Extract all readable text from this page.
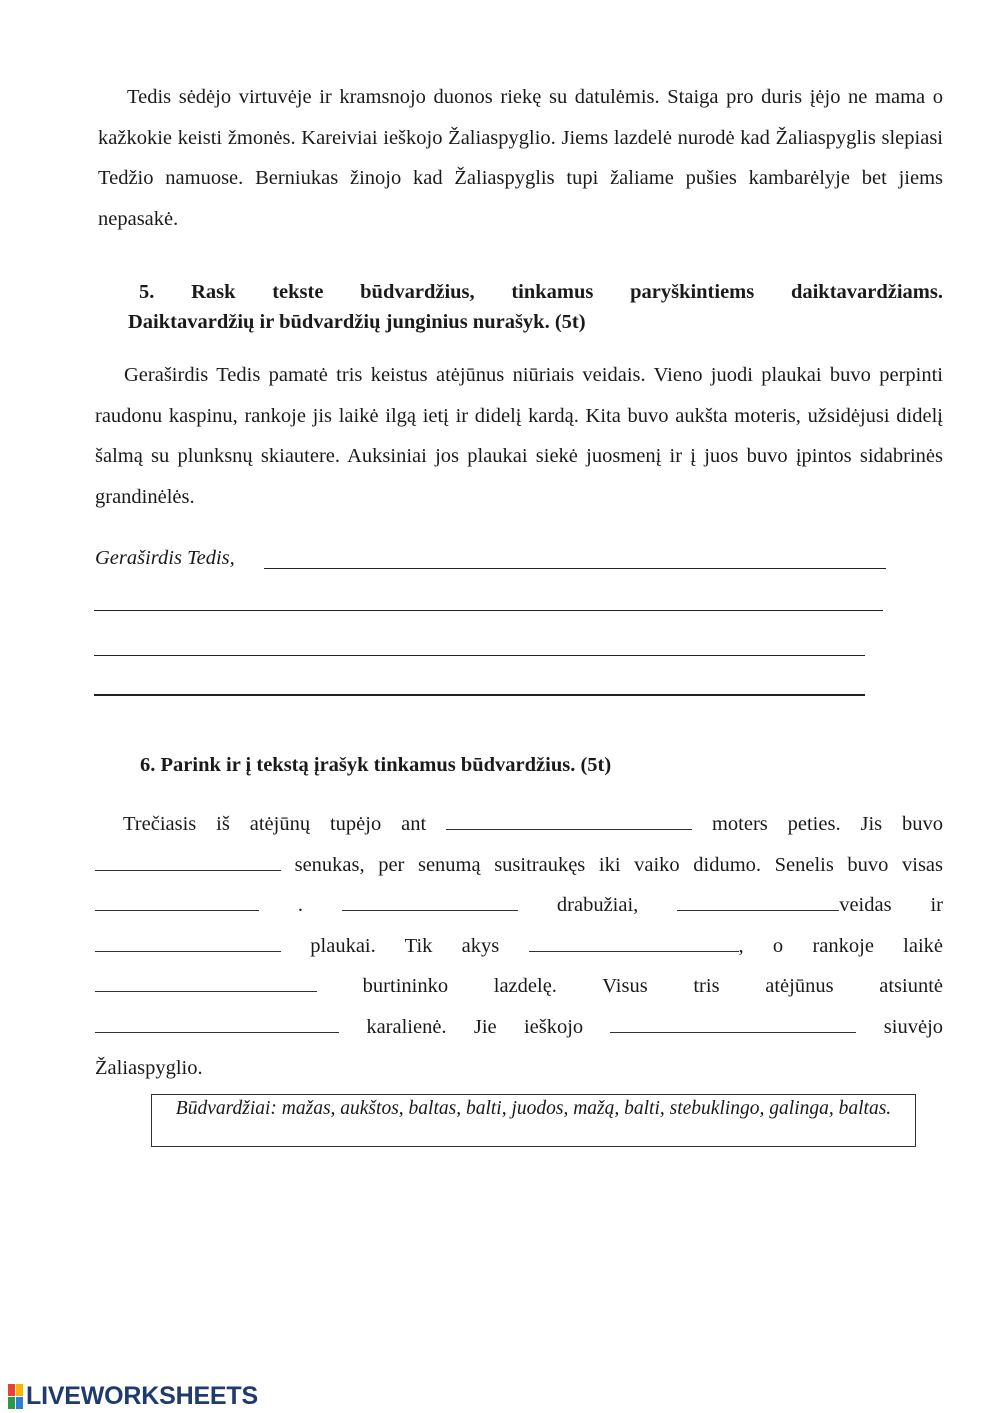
Tedis sėdėjo virtuvėje ir kramsnojo duonos riekę su datulėmis. Staiga pro duris įėjo ne mama o kažkokie keisti žmonės. Kareiviai ieškojo Žaliaspyglio. Jiems lazdelė nurodė kad Žaliaspyglis slepiasi Tedžio namuose. Berniukas žinojo kad Žaliaspyglis tupi žaliame pušies kambarėlyje bet jiems nepasakė.
5. Rask tekste būdvardžius, tinkamus paryškintiems daiktavardžiams.
Daiktavardžių ir būdvardžių junginius nurašyk. (5t)
Geraširdis Tedis pamatė tris keistus atėjūnus niūriais veidais. Vieno juodi plaukai buvo perpinti raudonu kaspinu, rankoje jis laikė ilgą ietį ir didelį kardą. Kita buvo aukšta moteris, užsidėjusi didelį šalmą su plunksnų skiautere. Auksiniai jos plaukai siekė juosmenį ir į juos buvo įpintos sidabrinės grandinėlės.
Geraširdis Tedis,
6. Parink ir į tekstą įrašyk tinkamus būdvardžius. (5t)
Trečiasis iš atėjūnų tupėjo ant	moters peties. Jis buvo  senukas, per senumą susitraukęs iki vaiko didumo. Senelis buvo visas  .	drabužiai,	veidas ir  plaukai. Tik akys	, o rankoje laikė  burtininko lazdelę. Visus tris atėjūnus atsiuntė  karalienė. Jie ieškojo	siuvėjo Žaliaspyglio.
Būdvardžiai: mažas, aukštos, baltas, balti, juodos, mažą, balti, stebuklingo, galinga, baltas.
LIVEWORKSHEETS
